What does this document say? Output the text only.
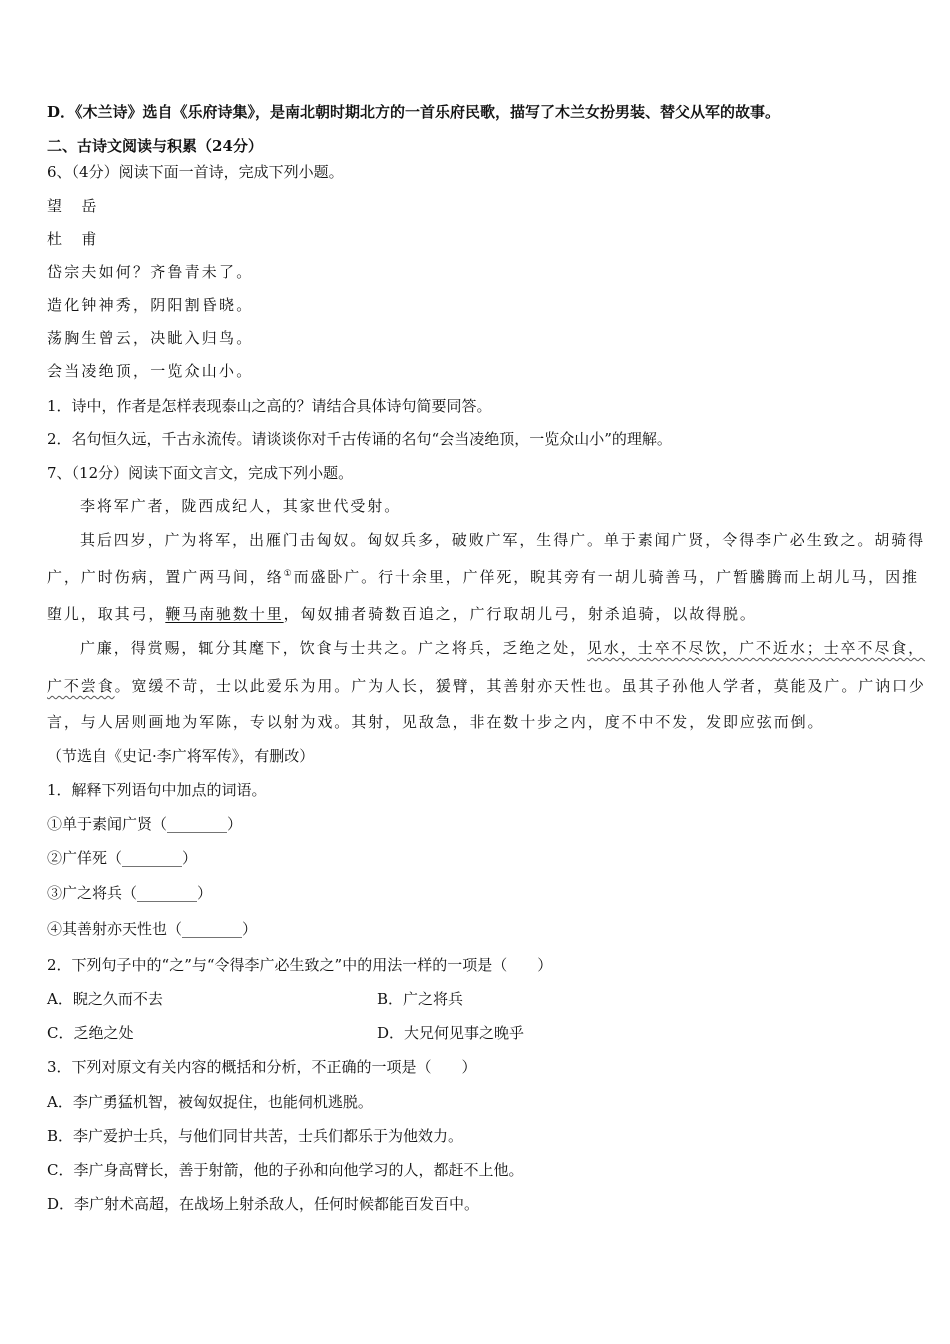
D．《木兰诗》选自《乐府诗集》，是南北朝时期北方的一首乐府民歌，描写了木兰女扮男装、替父从军的故事。
二、古诗文阅读与积累（24分）
6、（4分）阅读下面一首诗，完成下列小题。
望　岳
杜　甫
岱宗夫如何？齐鲁青未了。
造化钟神秀，阴阳割昏晓。
荡胸生曾云，决眦入归鸟。
会当凌绝顶，一览众山小。
1．诗中，作者是怎样表现泰山之高的？请结合具体诗句简要同答。
2．名句恒久远，千古永流传。请谈谈你对千古传诵的名句“会当凌绝顶，一览众山小”的理解。
7、（12分）阅读下面文言文，完成下列小题。
李将军广者，陇西成纪人，其家世代受射。
其后四岁，广为将军，出雁门击匈奴。匈奴兵多，破败广军，生得广。单于素闻广贤，令得李广必生致之。胡骑得
广，广时伤病，置广两马间，络①而盛卧广。行十余里，广佯死，睨其旁有一胡儿骑善马，广暂騰腾而上胡儿马，因推
堕儿，取其弓，鞭马南驰数十里，匈奴捕者骑数百追之，广行取胡儿弓，射杀追骑，以故得脱。
广廉，得赏赐，辄分其麾下，饮食与士共之。广之将兵，乏绝之处，见水，士卒不尽饮，广不近水；士卒不尽食，
广不尝食。宽缓不苛，士以此爱乐为用。广为人长，猨臂，其善射亦天性也。虽其子孙他人学者，莫能及广。广讷口少
言，与人居则画地为军陈，专以射为戏。其射，见敌急，非在数十步之内，度不中不发，发即应弦而倒。
（节选自《史记·李广将军传》，有删改）
1．解释下列语句中加点的词语。
①单于素闻广贤（________）
②广佯死（________）
③广之将兵（________）
④其善射亦天性也（________）
2．下列句子中的“之”与“令得李广必生致之”中的用法一样的一项是（　　）
A．睨之久而不去	B．广之将兵
C．乏绝之处	D．大兄何见事之晚乎
3．下列对原文有关内容的概括和分析，不正确的一项是（　　）
A．李广勇猛机智，被匈奴捉住，也能伺机逃脱。
B．李广爱护士兵，与他们同甘共苦，士兵们都乐于为他效力。
C．李广身高臂长，善于射箭，他的子孙和向他学习的人，都赶不上他。
D．李广射术高超，在战场上射杀敌人，任何时候都能百发百中。
